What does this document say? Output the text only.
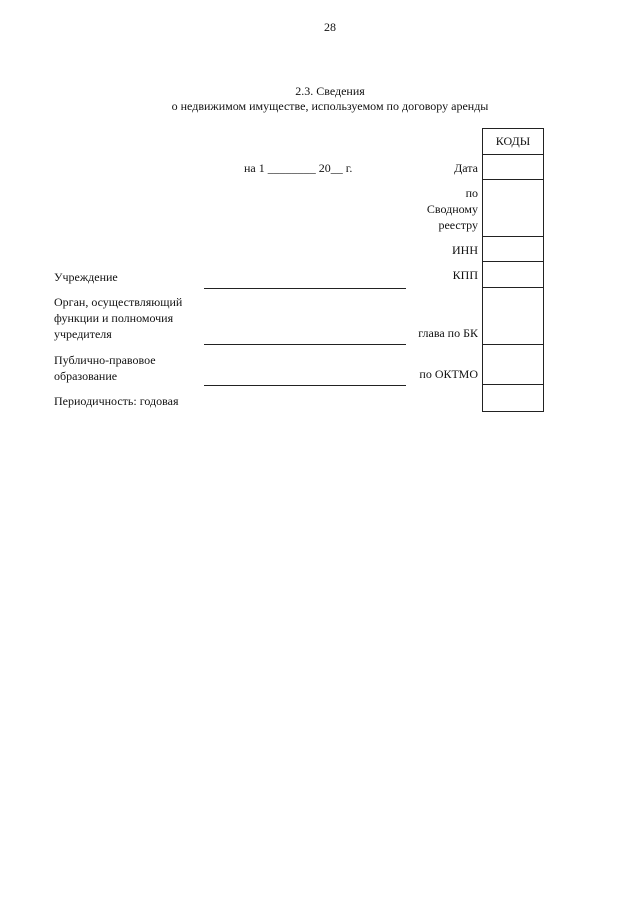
28
2.3. Сведения
о недвижимом имуществе, используемом по договору аренды
на 1 ________ 20__ г.	Дата
по
Сводному
реестру
ИНН
КПП
глава по БК
по ОКТМО
КОДЫ
Учреждение
Орган, осуществляющий
функции и полномочия
учредителя
Публично-правовое
образование
Периодичность: годовая
